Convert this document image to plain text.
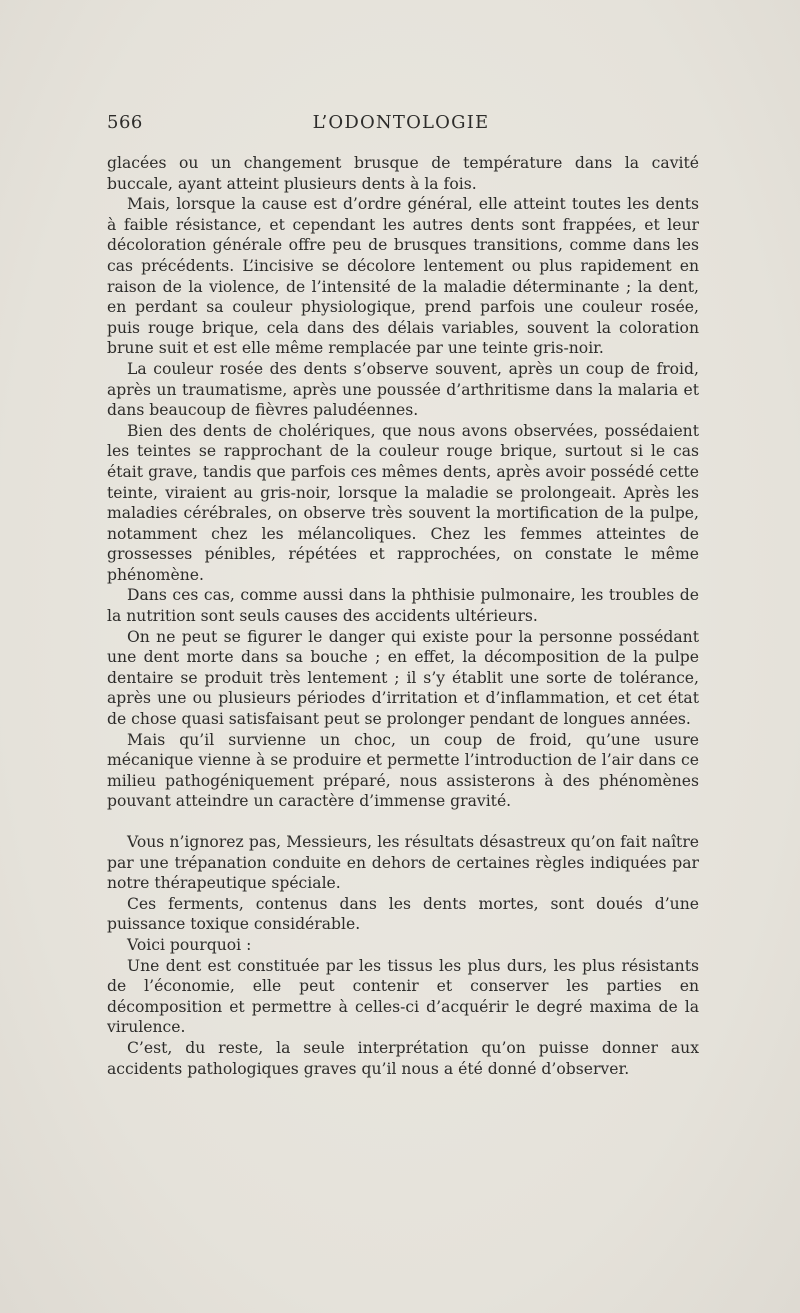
566	L’ODONTOLOGIE

glacées ou un changement brusque de température dans la cavité buccale, ayant atteint plusieurs dents à la fois.

Mais, lorsque la cause est d’ordre général, elle atteint toutes les dents à faible résistance, et cependant les autres dents sont frappées, et leur décoloration générale offre peu de brusques transitions, comme dans les cas précédents. L’incisive se décolore lentement ou plus rapidement en raison de la violence, de l’intensité de la maladie déterminante ; la dent, en perdant sa couleur physiologique, prend parfois une couleur rosée, puis rouge brique, cela dans des délais variables, souvent la coloration brune suit et est elle même remplacée par une teinte gris-noir.

La couleur rosée des dents s’observe souvent, après un coup de froid, après un traumatisme, après une poussée d’arthritisme dans la malaria et dans beaucoup de fièvres paludéennes.

Bien des dents de cholériques, que nous avons observées, possédaient les teintes se rapprochant de la couleur rouge brique, surtout si le cas était grave, tandis que parfois ces mêmes dents, après avoir possédé cette teinte, viraient au gris-noir, lorsque la maladie se prolongeait. Après les maladies cérébrales, on observe très souvent la mortification de la pulpe, notamment chez les mélancoliques. Chez les femmes atteintes de grossesses pénibles, répétées et rapprochées, on constate le même phénomène.

Dans ces cas, comme aussi dans la phthisie pulmonaire, les troubles de la nutrition sont seuls causes des accidents ultérieurs.

On ne peut se figurer le danger qui existe pour la personne possédant une dent morte dans sa bouche ; en effet, la décomposition de la pulpe dentaire se produit très lentement ; il s’y établit une sorte de tolérance, après une ou plusieurs périodes d’irritation et d’inflammation, et cet état de chose quasi satisfaisant peut se prolonger pendant de longues années.

Mais qu’il survienne un choc, un coup de froid, qu’une usure mécanique vienne à se produire et permette l’introduction de l’air dans ce milieu pathogéniquement préparé, nous assisterons à des phénomènes pouvant atteindre un caractère d’immense gravité.

Vous n’ignorez pas, Messieurs, les résultats désastreux qu’on fait naître par une trépanation conduite en dehors de certaines règles indiquées par notre thérapeutique spéciale.

Ces ferments, contenus dans les dents mortes, sont doués d’une puissance toxique considérable.

Voici pourquoi :

Une dent est constituée par les tissus les plus durs, les plus résistants de l’économie, elle peut contenir et conserver les parties en décomposition et permettre à celles-ci d’acquérir le degré maxima de la virulence.

C’est, du reste, la seule interprétation qu’on puisse donner aux accidents pathologiques graves qu’il nous a été donné d’observer.
